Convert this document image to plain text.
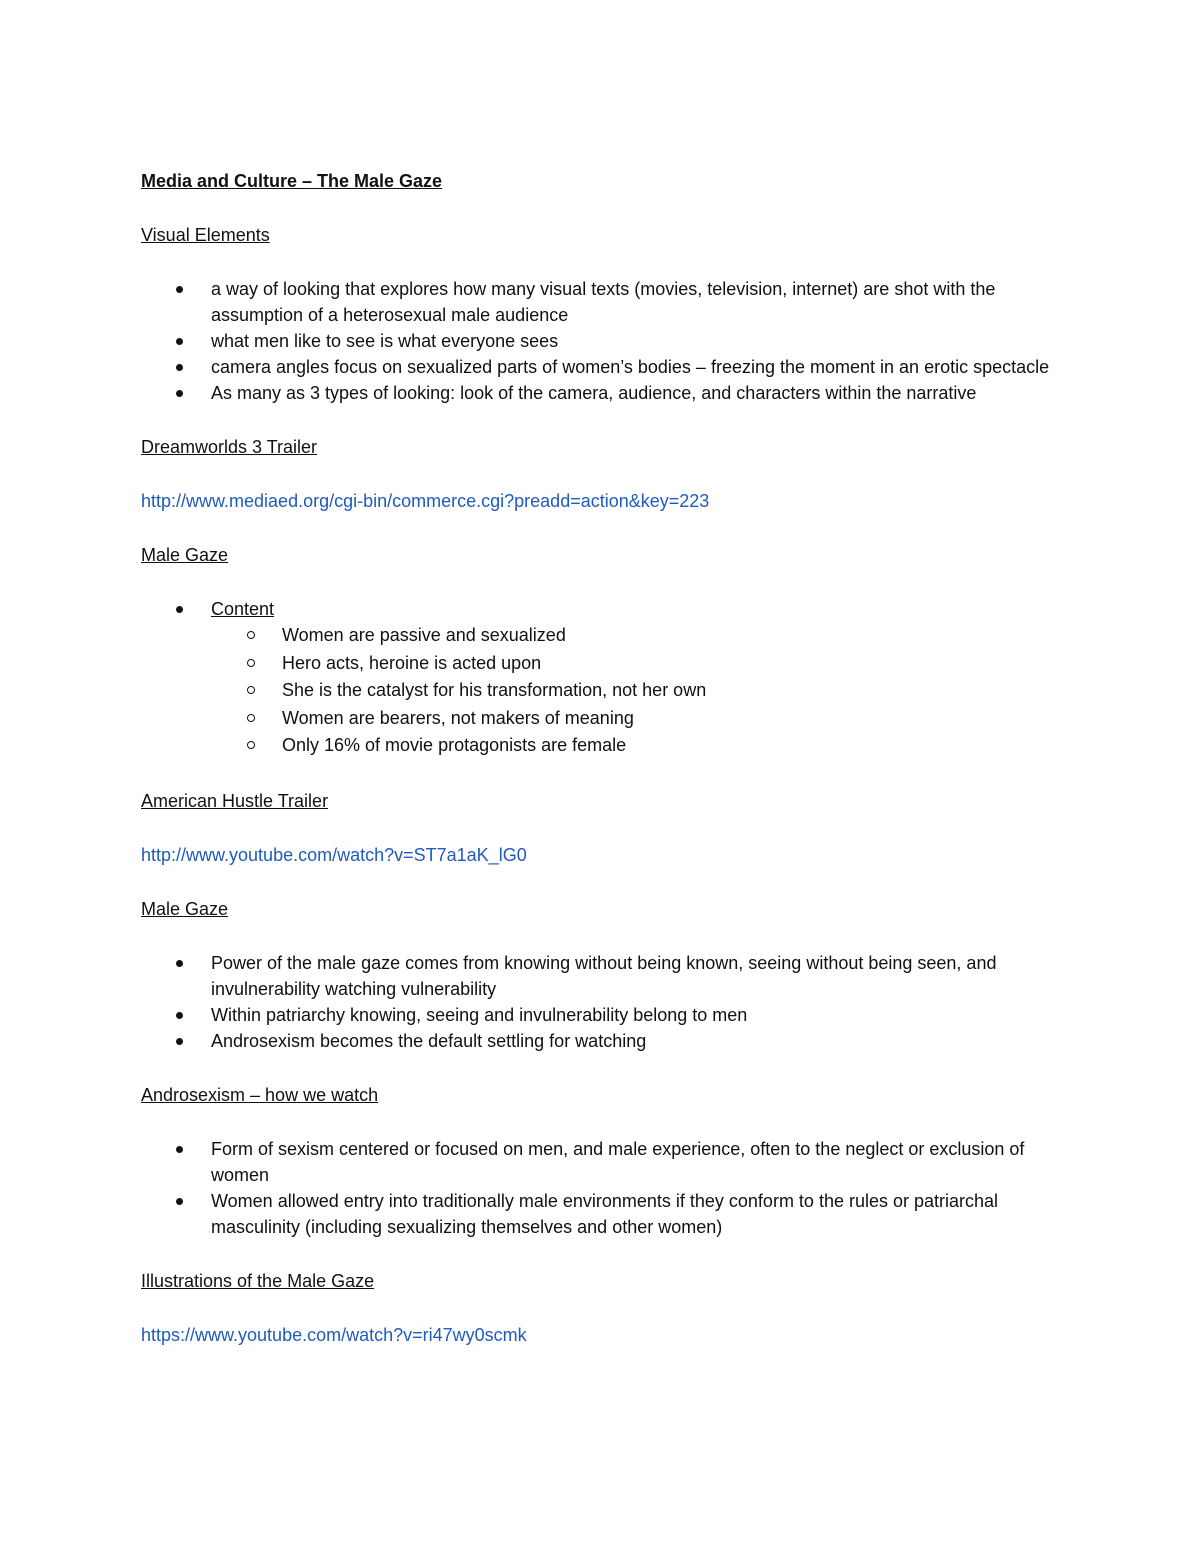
Media and Culture – The Male Gaze

Visual Elements

a way of looking that explores how many visual texts (movies, television, internet) are shot with the assumption of a heterosexual male audience
what men like to see is what everyone sees
camera angles focus on sexualized parts of women’s bodies – freezing the moment in an erotic spectacle
As many as 3 types of looking: look of the camera, audience, and characters within the narrative

Dreamworlds 3 Trailer

http://www.mediaed.org/cgi-bin/commerce.cgi?preadd=action&key=223

Male Gaze

Content
Women are passive and sexualized
Hero acts, heroine is acted upon
She is the catalyst for his transformation, not her own
Women are bearers, not makers of meaning
Only 16% of movie protagonists are female

American Hustle Trailer

http://www.youtube.com/watch?v=ST7a1aK_lG0

Male Gaze

Power of the male gaze comes from knowing without being known, seeing without being seen, and invulnerability watching vulnerability
Within patriarchy knowing, seeing and invulnerability belong to men
Androsexism becomes the default settling for watching

Androsexism – how we watch

Form of sexism centered or focused on men, and male experience, often to the neglect or exclusion of women
Women allowed entry into traditionally male environments if they conform to the rules or patriarchal masculinity (including sexualizing themselves and other women)

Illustrations of the Male Gaze

https://www.youtube.com/watch?v=ri47wy0scmk
